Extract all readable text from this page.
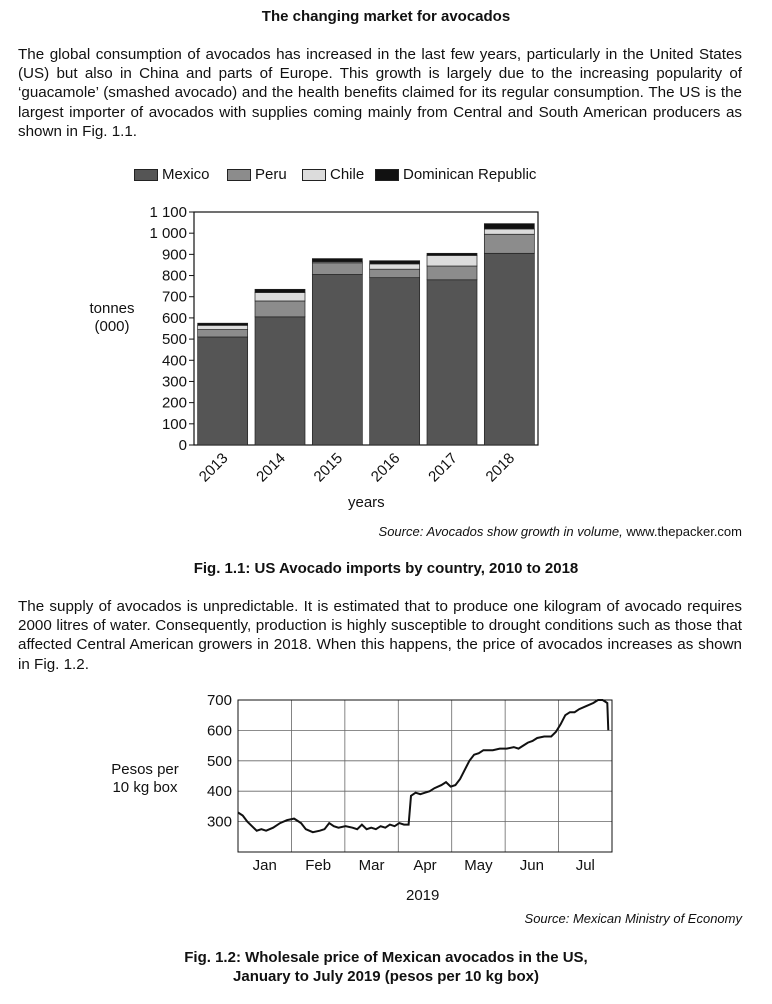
The changing market for avocados
The global consumption of avocados has increased in the last few years, particularly in the United States (US) but also in China and parts of Europe. This growth is largely due to the increasing popularity of ‘guacamole’ (smashed avocado) and the health benefits claimed for its regular consumption. The US is the largest importer of avocados with supplies coming mainly from Central and South American producers as shown in Fig. 1.1.
Mexico	Peru	Chile	Dominican Republic
tonnes
(000)
0
100
200
300
400
500
600
700
800
900
1 000
1 100
2013 2014 2015 2016 2017 2018
years
Source: Avocados show growth in volume, www.thepacker.com
Fig. 1.1: US Avocado imports by country, 2010 to 2018
The supply of avocados is unpredictable. It is estimated that to produce one kilogram of avocado requires 2000 litres of water. Consequently, production is highly susceptible to drought conditions such as those that affected Central American growers in 2018. When this happens, the price of avocados increases as shown in Fig. 1.2.
Pesos per
10 kg box
300
400
500
600
700
Jan Feb Mar Apr May Jun Jul
2019
Source: Mexican Ministry of Economy
Fig. 1.2: Wholesale price of Mexican avocados in the US,
January to July 2019 (pesos per 10 kg box)
